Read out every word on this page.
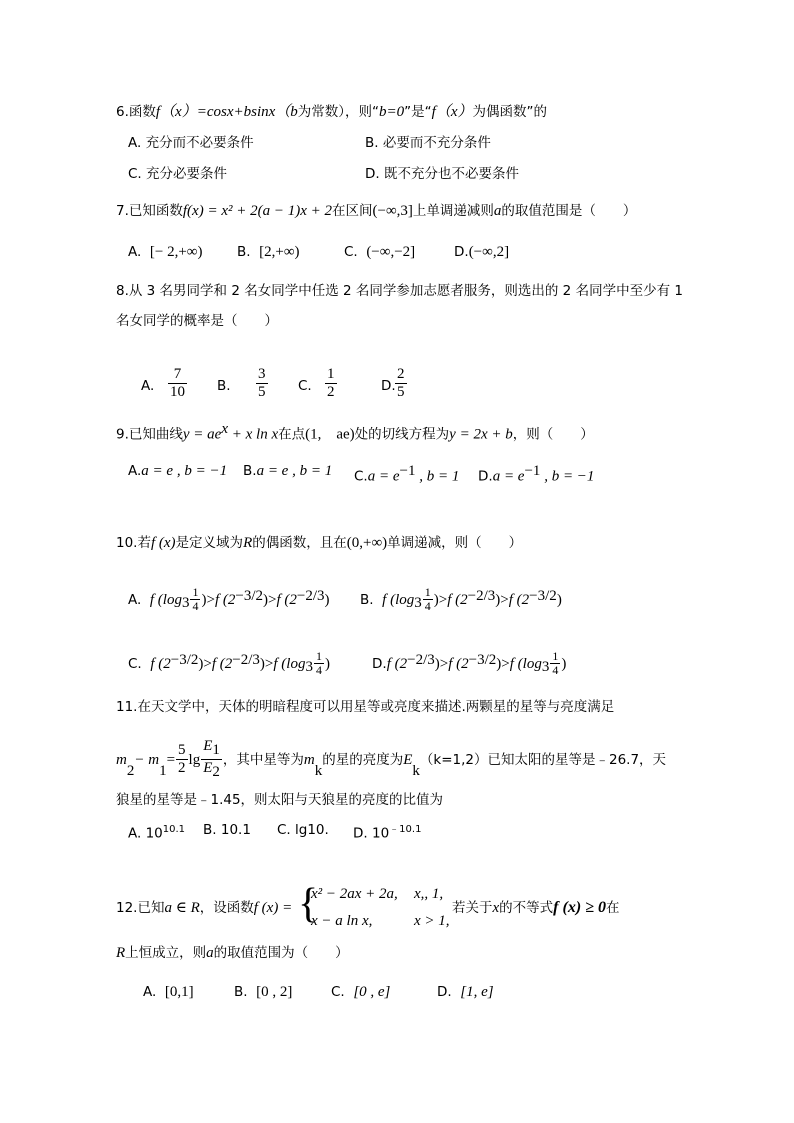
6.函数f（x）=cosx+bsinx（b为常数），则“b=0”是“f（x）为偶函数”的
A. 充分而不必要条件	B. 必要而不充分条件
C. 充分必要条件	D. 既不充分也不必要条件
7.已知函数f(x) = x² + 2(a − 1)x + 2在区间(−∞,3]上单调递减则a的取值范围是（　　）
A. [− 2,+∞)	B. [2,+∞)	C. (−∞,−2]	D.(−∞,2]
8.从 3 名男同学和 2 名女同学中任选 2 名同学参加志愿者服务，则选出的 2 名同学中至少有 1
名女同学的概率是（　　）
A. $\frac{7}{10} B$. $\frac{3}{5} C$. $\frac{1}{2}$	D. $\frac{2}{5}$
9.已知曲线$y = ae^x + x$ ln x在点(1,　ae)处的切线方程为y = 2x + b，则（　　）
A.a = e , b = −1 B.a = e , b = 1 $C.a = e^{-1}$ , b = 1 $D.a = e^{-1}$ , b = −1
10.若f (x)是定义域为R的偶函数，且在(0,+∞)单调递减，则（　　）
A.
f (log $3 \frac{1}{4}$ ) > f (2 −3/2 ) > f (2 −2/3 ) B.
f (log $3 \frac{1}{4}$ ) > f (2 −2/3 ) > f (2 −3/2 )
C.
f (2 −3/2 ) > f (2 −2/3 ) > f (log $3 \frac{1}{4}$ )	D. f (2 −2/3 ) > f (2 −3/2 ) > f (log $3 \frac{1}{4}$ )
11.在天文学中，天体的明暗程度可以用星等或亮度来描述.两颗星的星等与亮度满足
m
2
− m
1
= $\frac{5}{2}$ $\lg \frac{E_1}{E_2}$ ，其中星等为 m
k
的星的亮度为 E
k
（k=1,2）已知太阳的星等是﹣26.7，天
狼星的星等是﹣1.45，则太阳与天狼星的亮度的比值为
A. $10^{10.1}$ B. 10.1 C. lg10. D. $10^{﹣10.1}$
12.已知a ∈ R，设函数f (x) = {
x² − 2ax + 2a, x,, 1,
x − a ln x,	x > 1,
若关于x的不等式f (x) ≥ 0在
R上恒成立，则a的取值范围为（　　）
A. [0,1]	B. [0 , 2]	C. [0 , e]	D. [1, e]
